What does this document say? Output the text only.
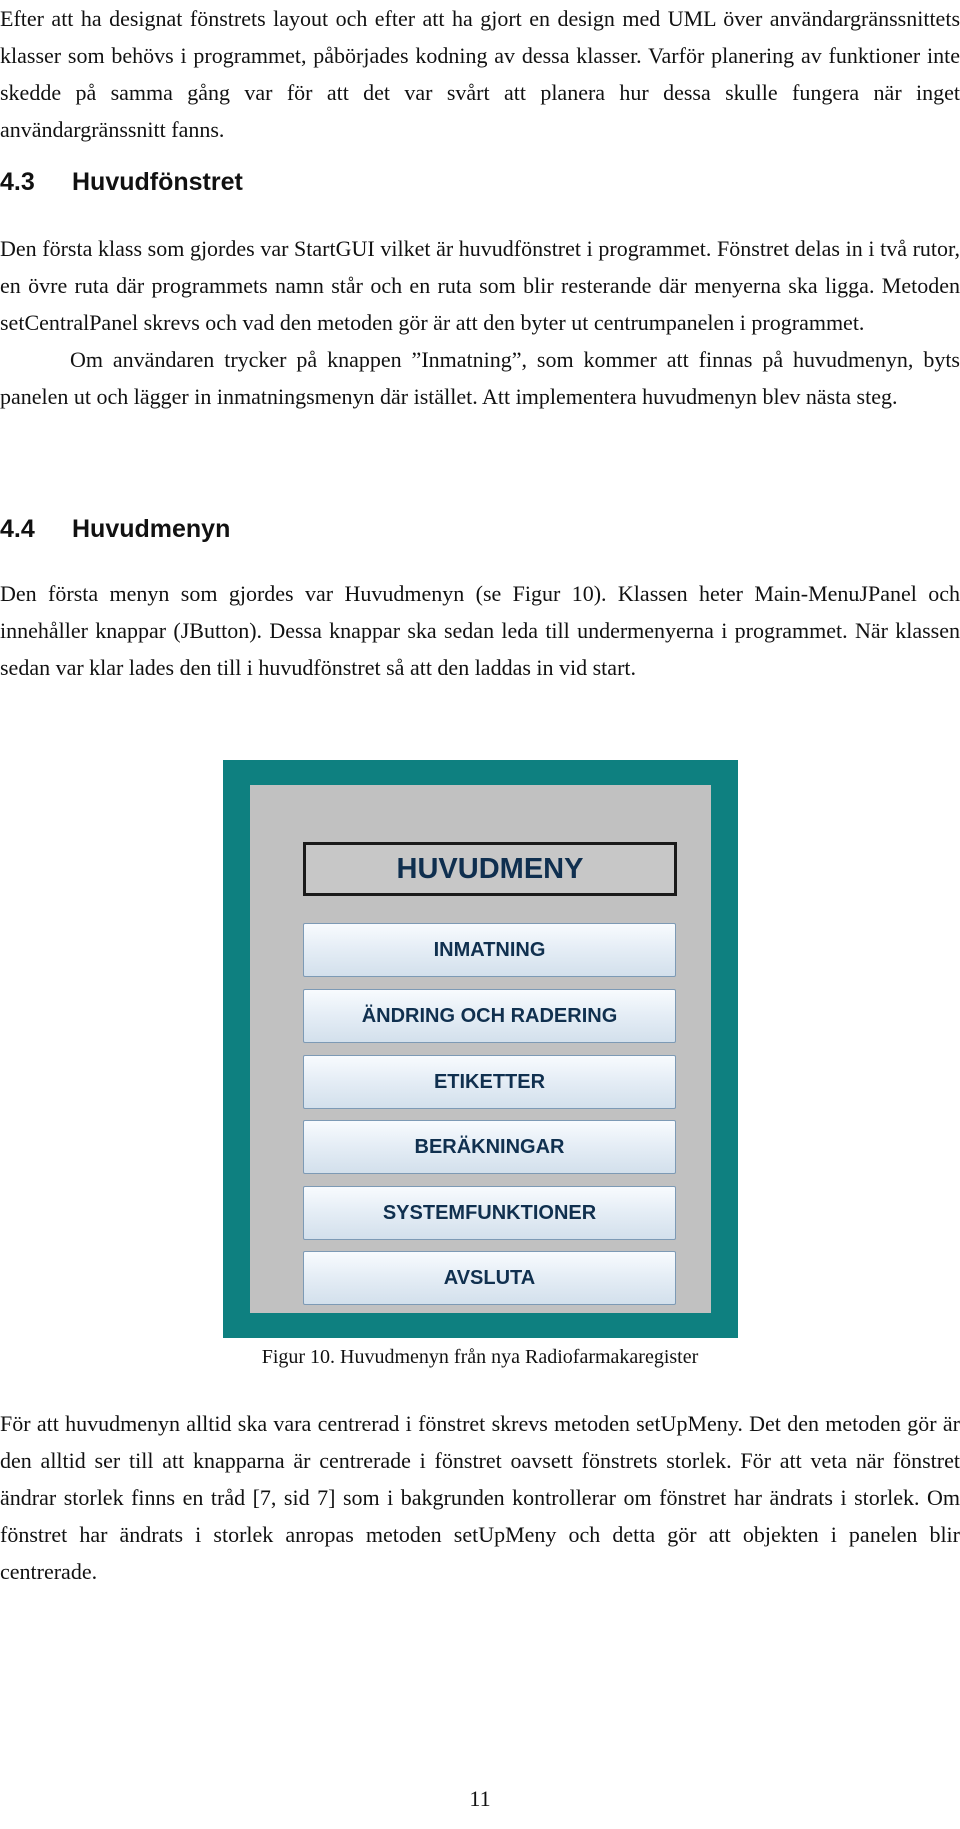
Efter att ha designat fönstrets layout och efter att ha gjort en design med UML över användargränssnittets klasser som behövs i programmet, påbörjades kodning av dessa klasser. Varför planering av funktioner inte skedde på samma gång var för att det var svårt att planera hur dessa skulle fungera när inget användargränssnitt fanns.

4.3 Huvudfönstret

Den första klass som gjordes var StartGUI vilket är huvudfönstret i programmet. Fönstret delas in i två rutor, en övre ruta där programmets namn står och en ruta som blir resterande där menyerna ska ligga. Metoden setCentralPanel skrevs och vad den metoden gör är att den byter ut centrumpanelen i programmet.

Om användaren trycker på knappen ”Inmatning”, som kommer att finnas på huvudmenyn, byts panelen ut och lägger in inmatningsmenyn där istället. Att implementera huvudmenyn blev nästa steg.

4.4 Huvudmenyn

Den första menyn som gjordes var Huvudmenyn (se Figur 10). Klassen heter Main-MenuJPanel och innehåller knappar (JButton). Dessa knappar ska sedan leda till undermenyerna i programmet. När klassen sedan var klar lades den till i huvudfönstret så att den laddas in vid start.

HUVUDMENY
INMATNING
ÄNDRING OCH RADERING
ETIKETTER
BERÄKNINGAR
SYSTEMFUNKTIONER
AVSLUTA
Figur 10. Huvudmenyn från nya Radiofarmakaregister

För att huvudmenyn alltid ska vara centrerad i fönstret skrevs metoden setUpMeny. Det den metoden gör är den alltid ser till att knapparna är centrerade i fönstret oavsett fönstrets storlek. För att veta när fönstret ändrar storlek finns en tråd [7, sid 7] som i bakgrunden kontrollerar om fönstret har ändrats i storlek. Om fönstret har ändrats i storlek anropas metoden setUpMeny och detta gör att objekten i panelen blir centrerade.

11
